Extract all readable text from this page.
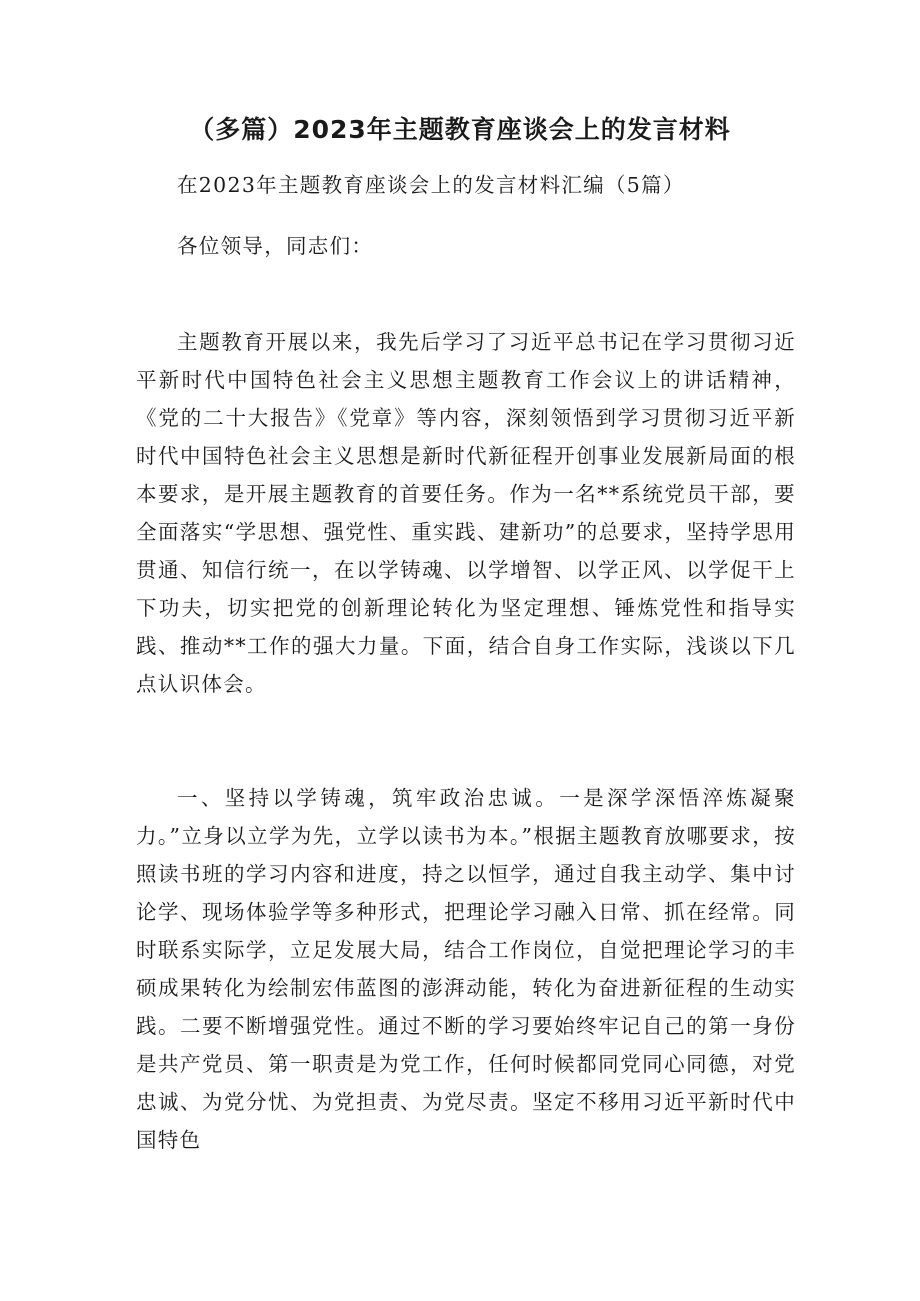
（多篇）2023年主题教育座谈会上的发言材料

在2023年主题教育座谈会上的发言材料汇编（5篇）

各位领导，同志们：

主题教育开展以来，我先后学习了习近平总书记在学习贯彻习近平新时代中国特色社会主义思想主题教育工作会议上的讲话精神，《党的二十大报告》《党章》等内容，深刻领悟到学习贯彻习近平新时代中国特色社会主义思想是新时代新征程开创事业发展新局面的根本要求，是开展主题教育的首要任务。作为一名**系统党员干部，要全面落实“学思想、强党性、重实践、建新功”的总要求，坚持学思用贯通、知信行统一，在以学铸魂、以学增智、以学正风、以学促干上下功夫，切实把党的创新理论转化为坚定理想、锤炼党性和指导实践、推动**工作的强大力量。下面，结合自身工作实际，浅谈以下几点认识体会。

一、坚持以学铸魂，筑牢政治忠诚。一是深学深悟淬炼凝聚力。”立身以立学为先，立学以读书为本。”根据主题教育放哪要求，按照读书班的学习内容和进度，持之以恒学，通过自我主动学、集中讨论学、现场体验学等多种形式，把理论学习融入日常、抓在经常。同时联系实际学，立足发展大局，结合工作岗位，自觉把理论学习的丰硕成果转化为绘制宏伟蓝图的澎湃动能，转化为奋进新征程的生动实践。二要不断增强党性。通过不断的学习要始终牢记自己的第一身份是共产党员、第一职责是为党工作，任何时候都同党同心同德，对党忠诚、为党分忧、为党担责、为党尽责。坚定不移用习近平新时代中国特色
